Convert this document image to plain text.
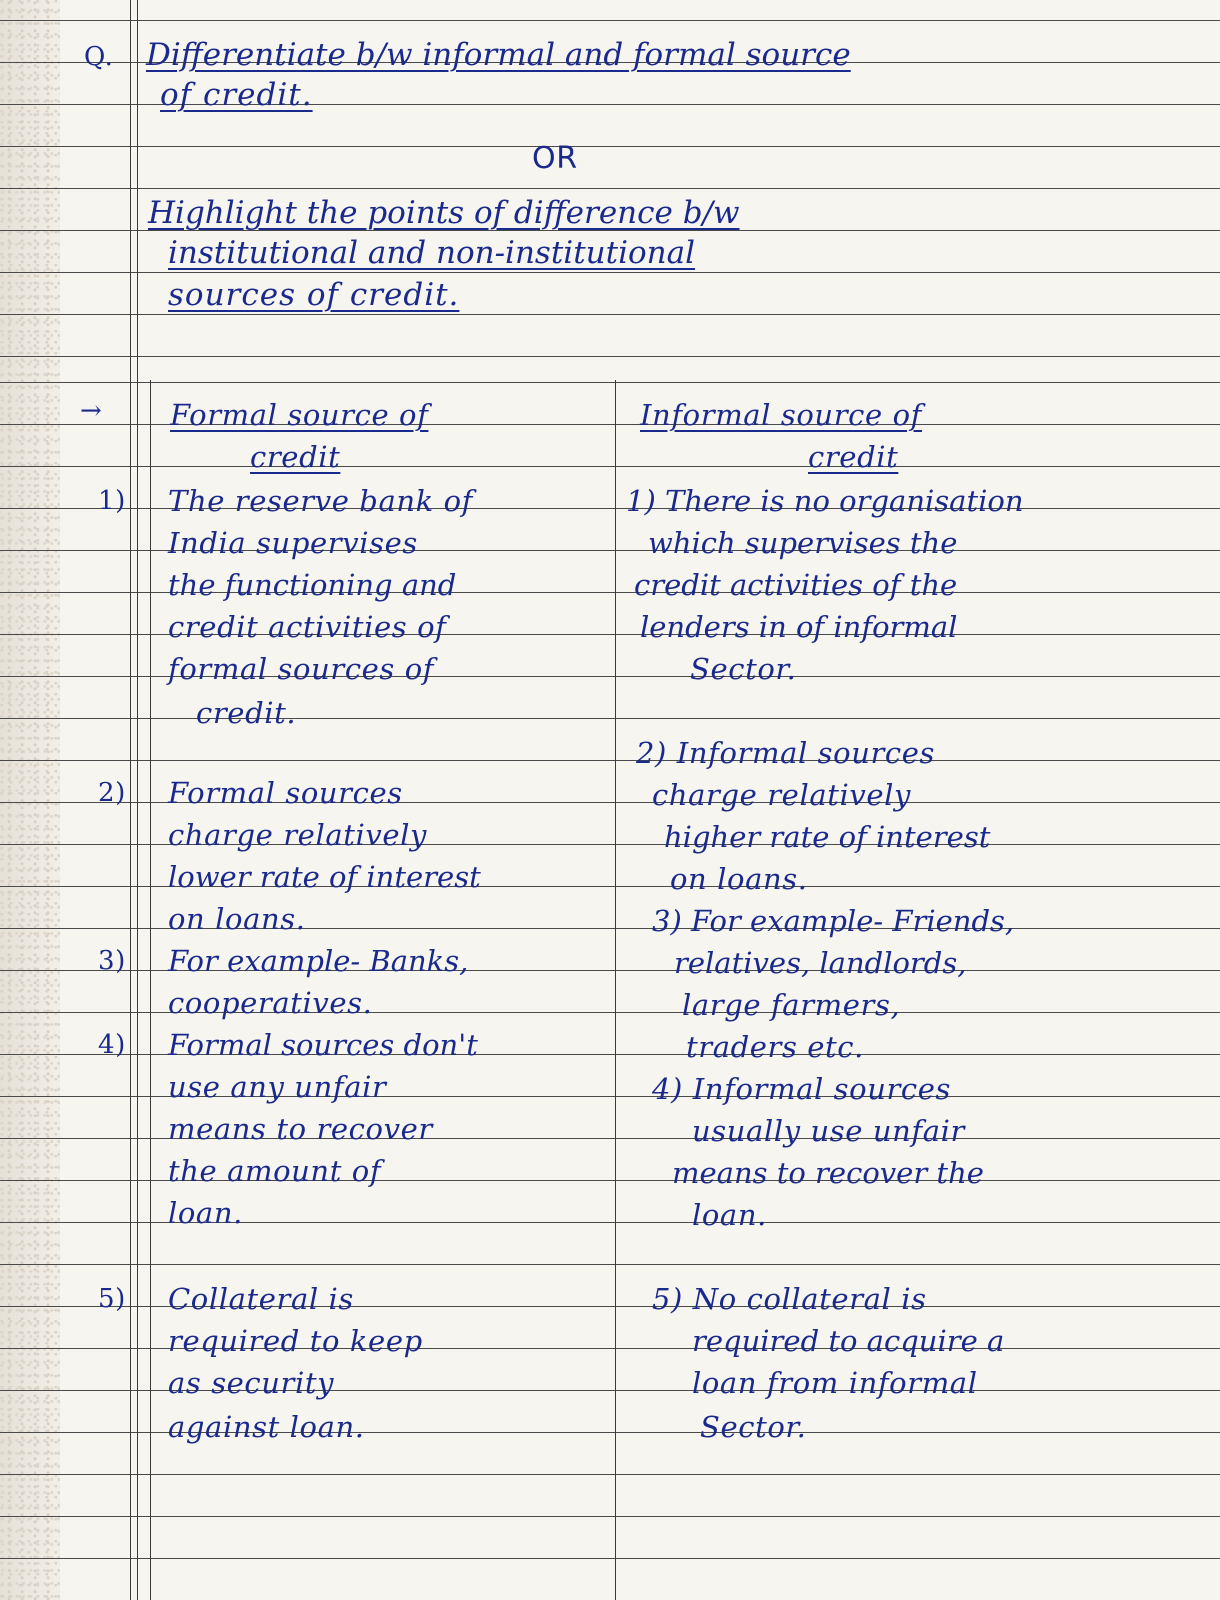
Q. Differentiate b/w informal and formal source
of credit.
OR
Highlight the points of difference b/w
institutional and non-institutional
sources of credit.
→ Formal source of
credit
Informal source of
credit
1) The reserve bank of
India supervises
the functioning and
credit activities of
formal sources of
credit.
2) Formal sources
charge relatively
lower rate of interest
on loans.
3) For example- Banks,
cooperatives.
4) Formal sources don't
use any unfair
means to recover
the amount of
loan.
5) Collateral is
required to keep
as security
against loan.
1) There is no organisation
which supervises the
credit activities of the
lenders in of informal
Sector.
2) Informal sources
charge relatively
higher rate of interest
on loans.
3) For example- Friends,
relatives, landlords,
large farmers,
traders etc.
4) Informal sources
usually use unfair
means to recover the
loan.
5) No collateral is
required to acquire a
loan from informal
Sector.
